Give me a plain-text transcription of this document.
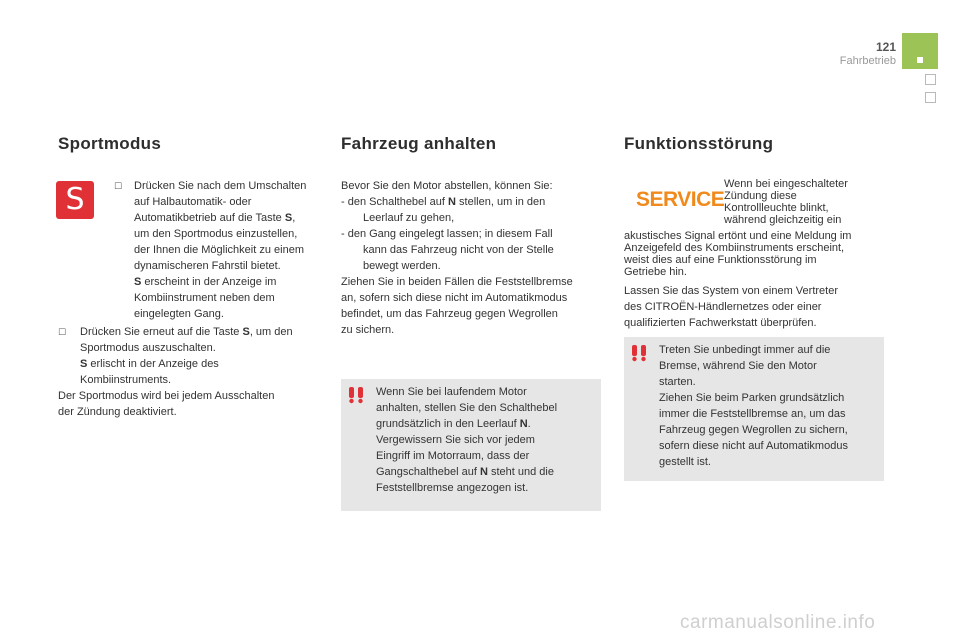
121
Fahrbetrieb
Sportmodus
S	☐ Drücken Sie nach dem Umschalten
auf Halbautomatik- oder
Automatikbetrieb auf die Taste S,
um den Sportmodus einzustellen,
der Ihnen die Möglichkeit zu einem
dynamischeren Fahrstil bietet.
S erscheint in der Anzeige im
Kombiinstrument neben dem
eingelegten Gang.
☐ Drücken Sie erneut auf die Taste S, um den
Sportmodus auszuschalten.
S erlischt in der Anzeige des
Kombiinstruments.
Der Sportmodus wird bei jedem Ausschalten
der Zündung deaktiviert.
Fahrzeug anhalten
Bevor Sie den Motor abstellen, können Sie:
- den Schalthebel auf N stellen, um in den
Leerlauf zu gehen,
- den Gang eingelegt lassen; in diesem Fall
kann das Fahrzeug nicht von der Stelle
bewegt werden.
Ziehen Sie in beiden Fällen die Feststellbremse
an, sofern sich diese nicht im Automatikmodus
befindet, um das Fahrzeug gegen Wegrollen
zu sichern.
Wenn Sie bei laufendem Motor
anhalten, stellen Sie den Schalthebel
grundsätzlich in den Leerlauf N.
Vergewissern Sie sich vor jedem
Eingriff im Motorraum, dass der
Gangschalthebel auf N steht und die
Feststellbremse angezogen ist.
Funktionsstörung
SERVICE
Wenn bei eingeschalteter
Zündung diese
Kontrollleuchte blinkt,
während gleichzeitig ein
akustisches Signal ertönt und eine Meldung im
Anzeigefeld des Kombiinstruments erscheint,
weist dies auf eine Funktionsstörung im
Getriebe hin.
Lassen Sie das System von einem Vertreter
des CITROËN-Händlernetzes oder einer
qualifizierten Fachwerkstatt überprüfen.
Treten Sie unbedingt immer auf die
Bremse, während Sie den Motor
starten.
Ziehen Sie beim Parken grundsätzlich
immer die Feststellbremse an, um das
Fahrzeug gegen Wegrollen zu sichern,
sofern diese nicht auf Automatikmodus
gestellt ist.
carmanualsonline.info
